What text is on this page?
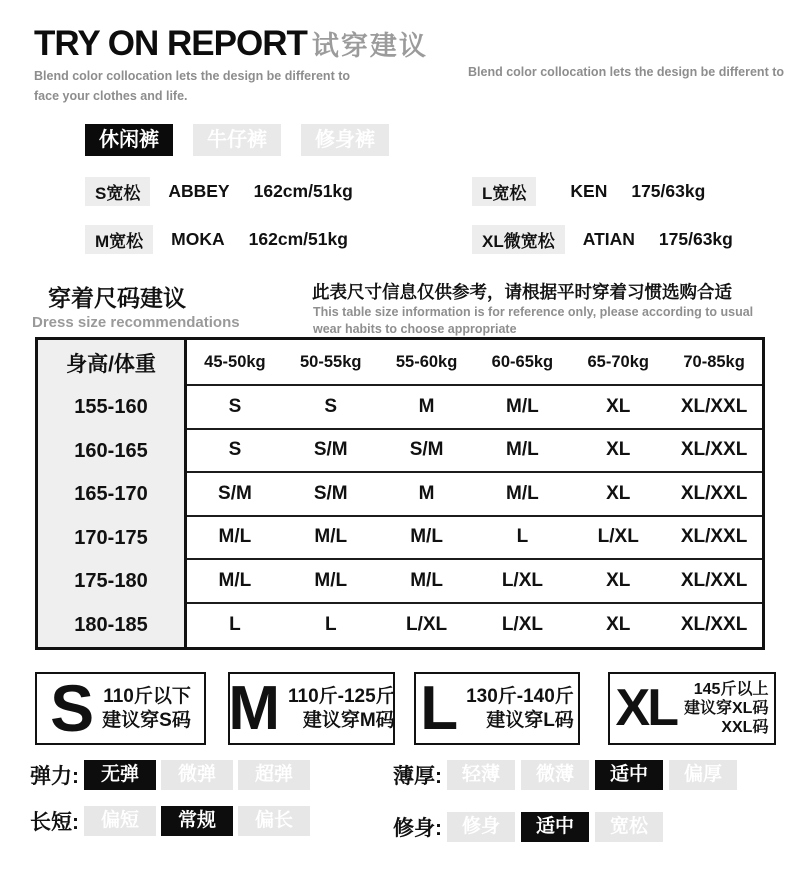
TRY ON REPORT 试穿建议
Blend color collocation lets the design be different to face your clothes and life.
Blend color collocation lets the design be different to
休闲裤	牛仔裤	修身裤
S宽松	ABBEY 162cm/51kg	L宽松	KEN 175/63kg
M宽松	MOKA 162cm/51kg	XL微宽松	ATIAN 175/63kg
穿着尺码建议
Dress size recommendations
此表尺寸信息仅供参考，请根据平时穿着习惯选购合适
This table size information is for reference only, please according to usual wear habits to choose appropriate
身高/体重	45-50kg	50-55kg	55-60kg	60-65kg	65-70kg	70-85kg
155-160	S	S	M	M/L	XL	XL/XXL
160-165	S	S/M	S/M	M/L	XL	XL/XXL
165-170	S/M	S/M	M	M/L	XL	XL/XXL
170-175	M/L	M/L	M/L	L	L/XL	XL/XXL
175-180	M/L	M/L	M/L	L/XL	XL	XL/XXL
180-185	L	L	L/XL	L/XL	XL	XL/XXL
S 110斤以下
建议穿S码 M 110斤-125斤
建议穿M码 L 130斤-140斤
建议穿L码 XL 145斤以上
建议穿XL码
XXL码
弹力:	无弹	微弹	超弹	薄厚:	轻薄	微薄	适中	偏厚
长短:	偏短	常规	偏长	修身:	修身	适中	宽松
